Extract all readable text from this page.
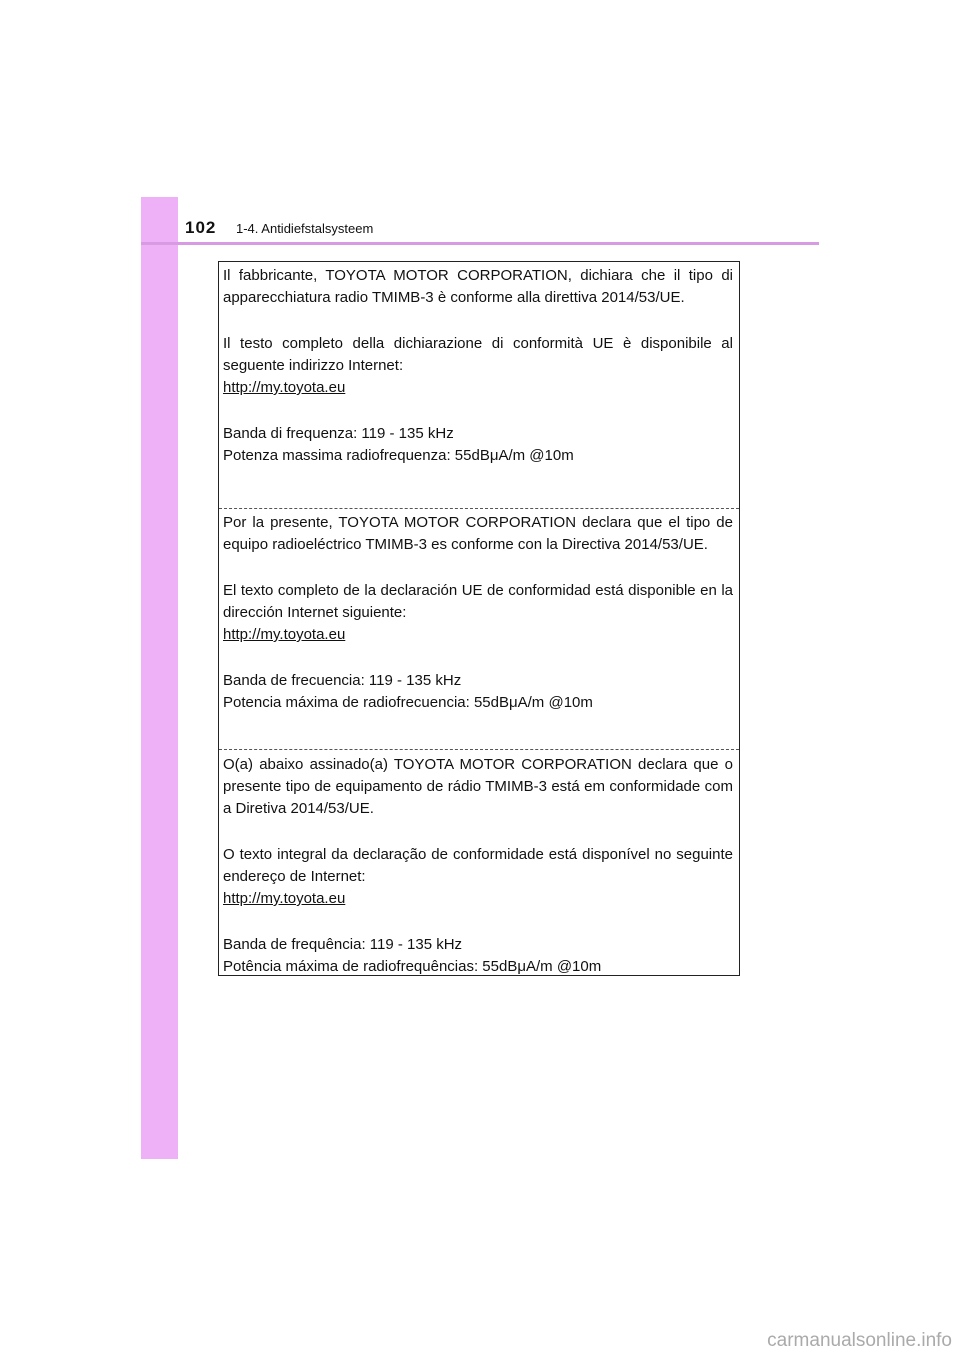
102 1-4. Antidiefstalsysteem

Il fabbricante, TOYOTA MOTOR CORPORATION, dichiara che il tipo di apparecchiatura radio TMIMB-3 è conforme alla direttiva 2014/53/UE.

Il testo completo della dichiarazione di conformità UE è disponibile al seguente indirizzo Internet:

http://my.toyota.eu

Banda di frequenza: 119 - 135 kHz

Potenza massima radiofrequenza: 55dBμA/m @10m

Por la presente, TOYOTA MOTOR CORPORATION declara que el tipo de equipo radioeléctrico TMIMB-3 es conforme con la Directiva 2014/53/UE.

El texto completo de la declaración UE de conformidad está disponible en la dirección Internet siguiente:

http://my.toyota.eu

Banda de frecuencia: 119 - 135 kHz

Potencia máxima de radiofrecuencia: 55dBμA/m @10m

O(a) abaixo assinado(a) TOYOTA MOTOR CORPORATION declara que o presente tipo de equipamento de rádio TMIMB-3 está em conformidade com a Diretiva 2014/53/UE.

O texto integral da declaração de conformidade está disponível no seguinte endereço de Internet:

http://my.toyota.eu

Banda de frequência: 119 - 135 kHz

Potência máxima de radiofrequências: 55dBμA/m @10m

carmanualsonline.info
